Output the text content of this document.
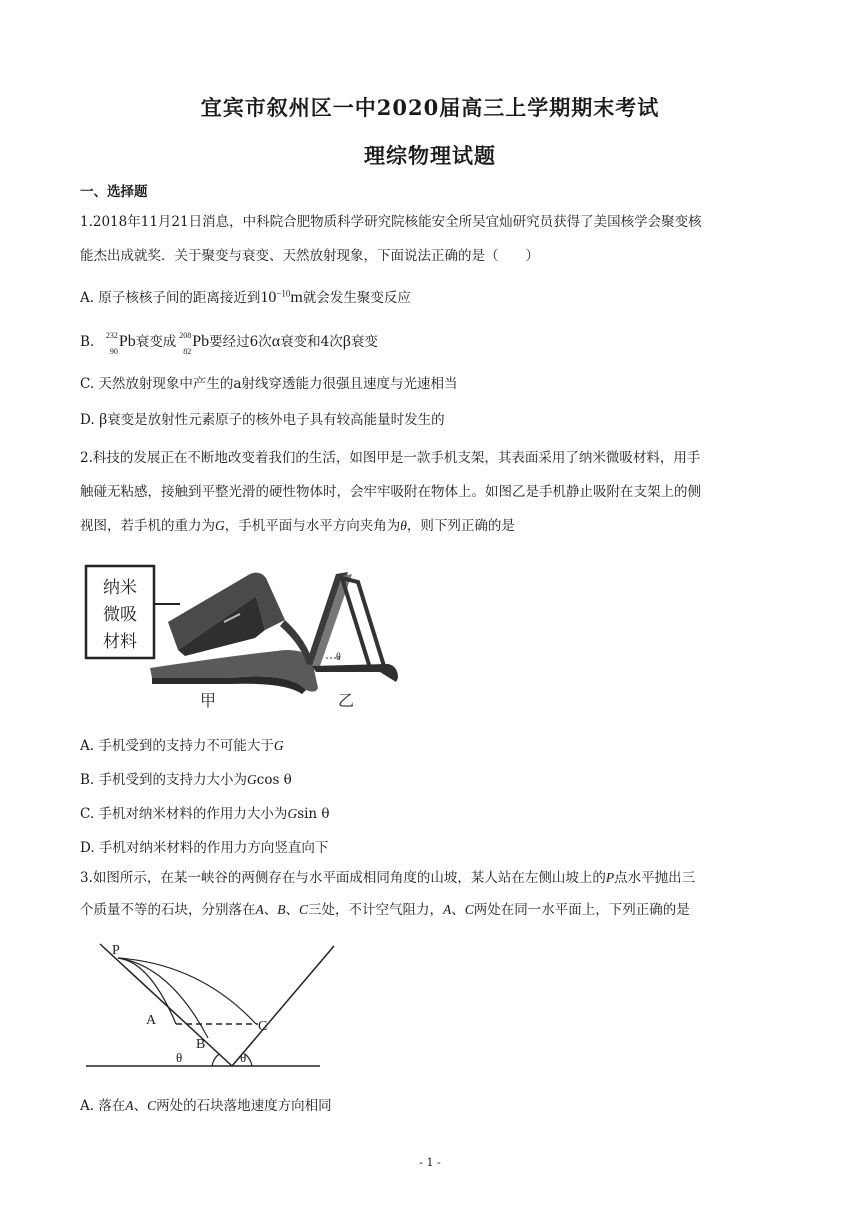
宜宾市叙州区一中2020届高三上学期期末考试
理综物理试题
一、选择题
1.2018年11月21日消息，中科院合肥物质科学研究院核能安全所吴宜灿研究员获得了美国核学会聚变核
能杰出成就奖．关于聚变与衰变、天然放射现象，下面说法正确的是（　　）
A. 原子核核子间的距离接近到$10^{-10}m$就会发生聚变反应
B. 232
90
Pb衰变成 208
82
Pb要经过6次α衰变和4次β衰变
C. 天然放射现象中产生的a射线穿透能力很强且速度与光速相当
D. β衰变是放射性元素原子的核外电子具有较高能量时发生的
2.科技的发展正在不断地改变着我们的生活，如图甲是一款手机支架，其表面采用了纳米微吸材料，用手
触碰无粘感，接触到平整光滑的硬性物体时，会牢牢吸附在物体上。如图乙是手机静止吸附在支架上的侧
视图，若手机的重力为G，手机平面与水平方向夹角为θ，则下列正确的是
纳米
微吸
材料
甲
θ
乙
A. 手机受到的支持力不可能大于G
B. 手机受到的支持力大小为Gcos θ
C. 手机对纳米材料的作用力大小为Gsin θ
D. 手机对纳米材料的作用力方向竖直向下
3.如图所示，在某一峡谷的两侧存在与水平面成相同角度的山坡，某人站在左侧山坡上的P点水平抛出三
个质量不等的石块，分别落在A、B、C三处，不计空气阻力，A、C两处在同一水平面上，下列正确的是
P
A
B
C
θ	θ
A. 落在A、C两处的石块落地速度方向相同
- 1 -
